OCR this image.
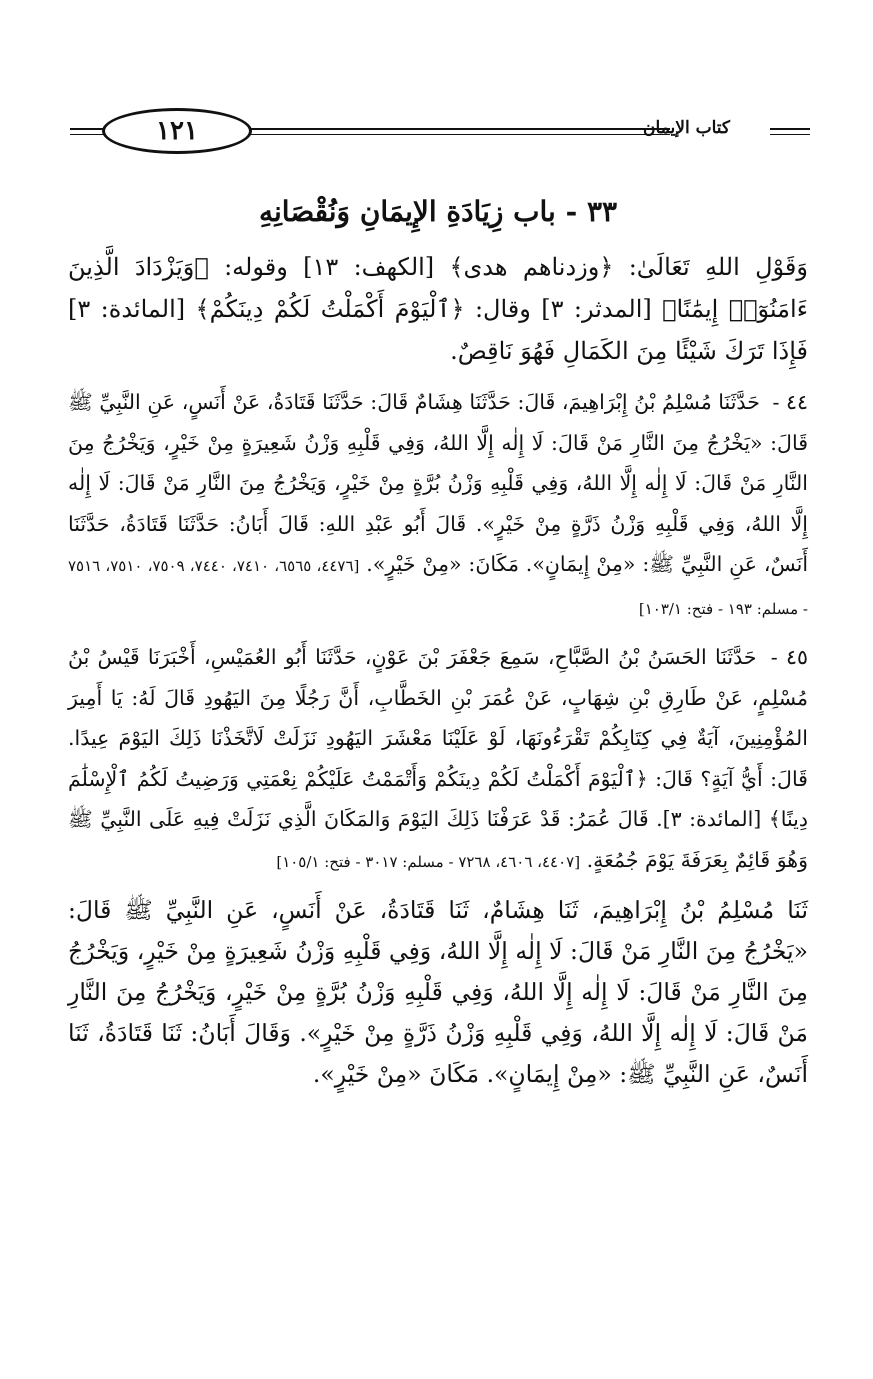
١٢١	كتاب الإيمان
٣٣ - باب زِيَادَةِ الإِيمَانِ وَنُقْصَانِهِ

وَقَوْلِ اللهِ تَعَالَىٰ: ﴿وزدناهم هدى﴾ [الكهف: ١٣] وقوله: ﴿وَيَزْدَادَ الَّذِينَ ءَامَنُوٓا۟ إِيمَٰنًا﴾ [المدثر: ٣] وقال: ﴿ٱلْيَوْمَ أَكْمَلْتُ لَكُمْ دِينَكُمْ﴾ [المائدة: ٣] فَإِذَا تَرَكَ شَيْئًا مِنَ الكَمَالِ فَهُوَ نَاقِصٌ.

٤٤ - حَدَّثَنَا مُسْلِمُ بْنُ إِبْرَاهِيمَ، قَالَ: حَدَّثَنَا هِشَامٌ قَالَ: حَدَّثَنَا قَتَادَةُ، عَنْ أَنَسٍ، عَنِ النَّبِيِّ ﷺ قَالَ: «يَخْرُجُ مِنَ النَّارِ مَنْ قَالَ: لَا إِلٰه إِلَّا اللهُ، وَفِي قَلْبِهِ وَزْنُ شَعِيرَةٍ مِنْ خَيْرٍ، وَيَخْرُجُ مِنَ النَّارِ مَنْ قَالَ: لَا إِلٰه إِلَّا اللهُ، وَفِي قَلْبِهِ وَزْنُ بُرَّةٍ مِنْ خَيْرٍ، وَيَخْرُجُ مِنَ النَّارِ مَنْ قَالَ: لَا إِلٰه إِلَّا اللهُ، وَفِي قَلْبِهِ وَزْنُ ذَرَّةٍ مِنْ خَيْرٍ». قَالَ أَبُو عَبْدِ اللهِ: قَالَ أَبَانُ: حَدَّثَنَا قَتَادَةُ، حَدَّثَنَا أَنَسٌ، عَنِ النَّبِيِّ ﷺ: «مِنْ إِيمَانٍ». مَكَانَ: «مِنْ خَيْرٍ». [٤٤٧٦، ٦٥٦٥، ٧٤١٠، ٧٤٤٠، ٧٥٠٩، ٧٥١٠، ٧٥١٦ - مسلم: ١٩٣ - فتح: ١٠٣/١]

٤٥ - حَدَّثَنَا الحَسَنُ بْنُ الصَّبَّاحِ، سَمِعَ جَعْفَرَ بْنَ عَوْنٍ، حَدَّثَنَا أَبُو العُمَيْسِ، أَخْبَرَنَا قَيْسُ بْنُ مُسْلِمٍ، عَنْ طَارِقِ بْنِ شِهَابٍ، عَنْ عُمَرَ بْنِ الخَطَّابِ، أَنَّ رَجُلًا مِنَ اليَهُودِ قَالَ لَهُ: يَا أَمِيرَ المُؤْمِنِينَ، آيَةٌ فِي كِتَابِكُمْ تَقْرَءُونَهَا، لَوْ عَلَيْنَا مَعْشَرَ اليَهُودِ نَزَلَتْ لَاتَّخَذْنَا ذَلِكَ اليَوْمَ عِيدًا. قَالَ: أَيُّ آيَةٍ؟ قَالَ: ﴿ٱلْيَوْمَ أَكْمَلْتُ لَكُمْ دِينَكُمْ وَأَتْمَمْتُ عَلَيْكُمْ نِعْمَتِي وَرَضِيتُ لَكُمُ ٱلْإِسْلَٰمَ دِينًا﴾ [المائدة: ٣]. قَالَ عُمَرُ: قَدْ عَرَفْنَا ذَلِكَ اليَوْمَ وَالمَكَانَ الَّذِي نَزَلَتْ فِيهِ عَلَى النَّبِيِّ ﷺ وَهُوَ قَائِمٌ بِعَرَفَةَ يَوْمَ جُمُعَةٍ. [٤٤٠٧، ٤٦٠٦، ٧٢٦٨ - مسلم: ٣٠١٧ - فتح: ١٠٥/١]

ثَنَا مُسْلِمُ بْنُ إِبْرَاهِيمَ، ثَنَا هِشَامٌ، ثَنَا قَتَادَةُ، عَنْ أَنَسٍ، عَنِ النَّبِيِّ ﷺ قَالَ: «يَخْرُجُ مِنَ النَّارِ مَنْ قَالَ: لَا إِلٰه إِلَّا اللهُ، وَفِي قَلْبِهِ وَزْنُ شَعِيرَةٍ مِنْ خَيْرٍ، وَيَخْرُجُ مِنَ النَّارِ مَنْ قَالَ: لَا إِلٰه إِلَّا اللهُ، وَفِي قَلْبِهِ وَزْنُ بُرَّةٍ مِنْ خَيْرٍ، وَيَخْرُجُ مِنَ النَّارِ مَنْ قَالَ: لَا إِلٰه إِلَّا اللهُ، وَفِي قَلْبِهِ وَزْنُ ذَرَّةٍ مِنْ خَيْرٍ». وَقَالَ أَبَانُ: ثَنَا قَتَادَةُ، ثَنَا أَنَسٌ، عَنِ النَّبِيِّ ﷺ: «مِنْ إِيمَانٍ». مَكَانَ «مِنْ خَيْرٍ».
